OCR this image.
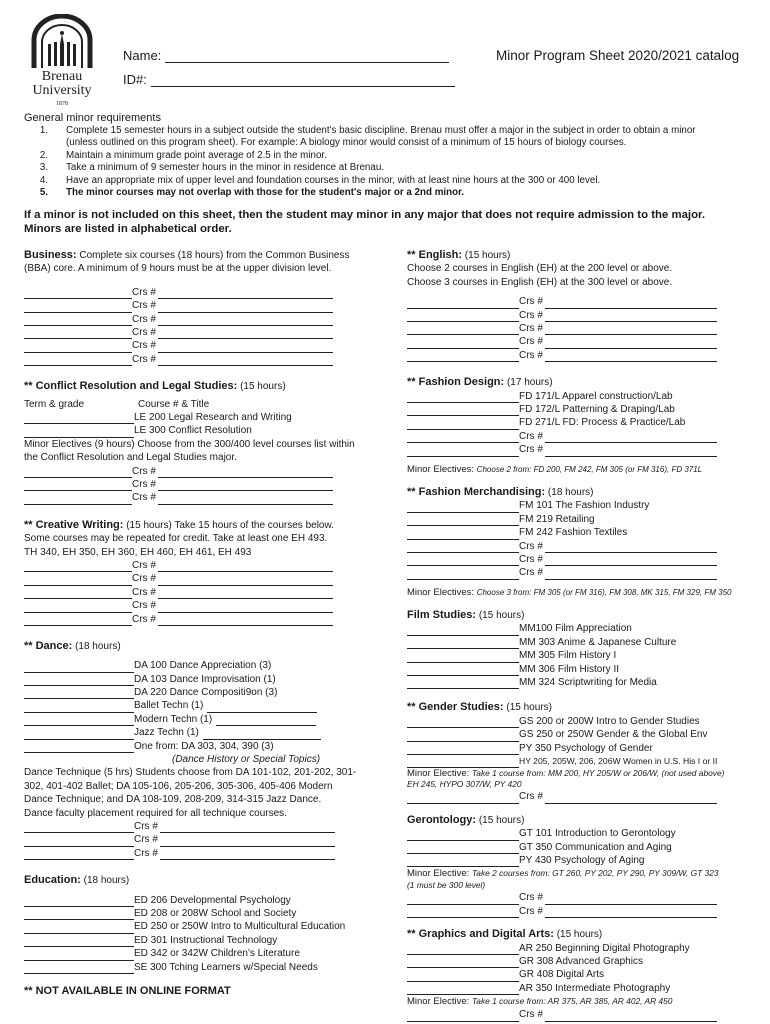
Brenau
University
1878
Name:
ID#:
Minor Program Sheet 2020/2021 catalog
General minor requirements
1. Complete 15 semester hours in a subject outside the student's basic discipline. Brenau must offer a major in the subject in order to obtain a minor
(unless outlined on this program sheet). For example: A biology minor would consist of a minimum of 15 hours of biology courses.
2. Maintain a minimum grade point average of 2.5 in the minor.
3. Take a minimum of 9 semester hours in the minor in residence at Brenau.
4. Have an appropriate mix of upper level and foundation courses in the minor, with at least nine hours at the 300 or 400 level.
5. The minor courses may not overlap with those for the student's major or a 2nd minor.
If a minor is not included on this sheet, then the student may minor in any major that does not require admission to the major.
Minors are listed in alphabetical order.
Business: Complete six courses (18 hours) from the Common Business
(BBA) core. A minimum of 9 hours must be at the upper division level.
Crs #
Crs #
Crs #
Crs #
Crs #
Crs #
** Conflict Resolution and Legal Studies: (15 hours)
Term & grade	Course # & Title
LE 200 Legal Research and Writing
LE 300 Conflict Resolution
Minor Electives (9 hours) Choose from the 300/400 level courses list within
the Conflict Resolution and Legal Studies major.
Crs #
Crs #
Crs #
** Creative Writing: (15 hours) Take 15 hours of the courses below.
Some courses may be repeated for credit. Take at least one EH 493.
TH 340, EH 350, EH 360, EH 460, EH 461, EH 493
Crs #
Crs #
Crs #
Crs #
Crs #
** Dance: (18 hours)
DA 100 Dance Appreciation (3)
DA 103 Dance Improvisation (1)
DA 220 Dance Compositi9on (3)
Ballet Techn (1)
Modern Techn (1)
Jazz Techn (1)
One from: DA 303, 304, 390 (3)
(Dance History or Special Topics)
Dance Technique (5 hrs) Students choose from DA 101-102, 201-202, 301-
302, 401-402 Ballet; DA 105-106, 205-206, 305-306, 405-406 Modern
Dance Technique; and DA 108-109, 208-209, 314-315 Jazz Dance.
Dance faculty placement required for all technique courses.
Crs #
Crs #
Crs #
Education: (18 hours)
ED 206 Developmental Psychology
ED 208 or 208W School and Society
ED 250 or 250W Intro to Multicultural Education
ED 301 Instructional Technology
ED 342 or 342W Children's Literature
SE 300 Tching Learners w/Special Needs
** NOT AVAILABLE IN ONLINE FORMAT
** English: (15 hours)
Choose 2 courses in English (EH) at the 200 level or above.
Choose 3 courses in English (EH) at the 300 level or above.
Crs #
Crs #
Crs #
Crs #
Crs #
** Fashion Design: (17 hours)
FD 171/L Apparel construction/Lab
FD 172/L Patterning & Draping/Lab
FD 271/L FD: Process & Practice/Lab
Crs #
Crs #
Minor Electives: Choose 2 from: FD 200, FM 242, FM 305 (or FM 316), FD 371L
** Fashion Merchandising: (18 hours)
FM 101 The Fashion Industry
FM 219 Retailing
FM 242 Fashion Textiles
Crs #
Crs #
Crs #
Minor Electives: Choose 3 from: FM 305 (or FM 316), FM 308, MK 315, FM 329, FM 350
Film Studies: (15 hours)
MM100 Film Appreciation
MM 303 Anime & Japanese Culture
MM 305 Film History I
MM 306 Film History II
MM 324 Scriptwriting for Media
** Gender Studies: (15 hours)
GS 200 or 200W Intro to Gender Studies
GS 250 or 250W Gender & the Global Env
PY 350 Psychology of Gender
HY 205, 205W, 206, 206W Women in U.S. His I or II
Minor Elective: Take 1 course from: MM 200, HY 205/W or 206/W, (not used above)
EH 245, HYPO 307/W, PY 420
Crs #
Gerontology: (15 hours)
GT 101 Introduction to Gerontology
GT 350 Communication and Aging
PY 430 Psychology of Aging
Minor Elective: Take 2 courses from: GT 260, PY 202, PY 290, PY 309/W, GT 323
(1 must be 300 level)
Crs #
Crs #
** Graphics and Digital Arts: (15 hours)
AR 250 Beginning Digital Photography
GR 308 Advanced Graphics
GR 408 Digital Arts
AR 350 Intermediate Photography
Minor Elective: Take 1 course from: AR 375, AR 385, AR 402, AR 450
Crs #
